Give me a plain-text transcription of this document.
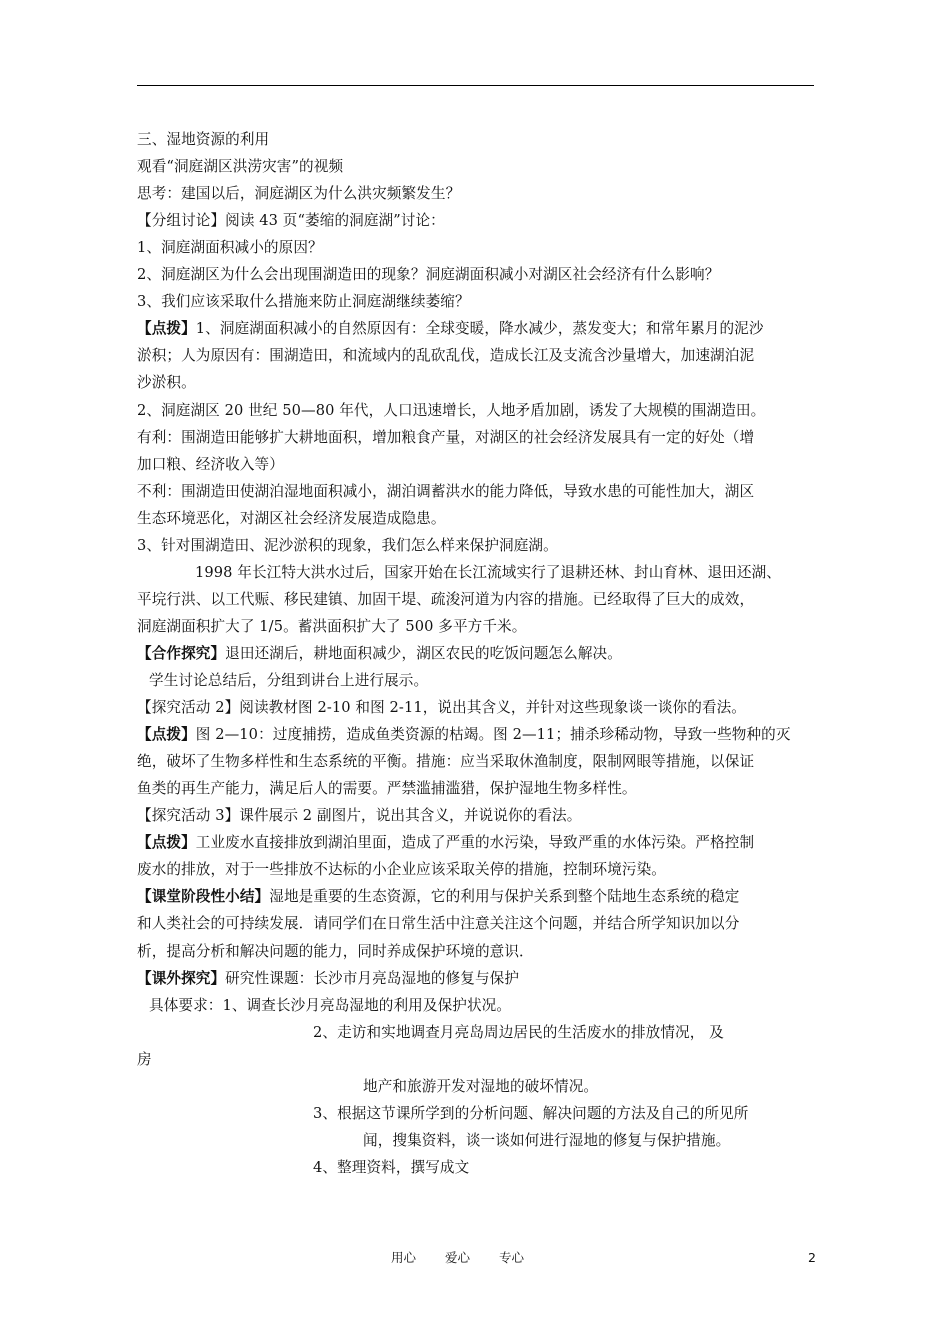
三、湿地资源的利用
观看“洞庭湖区洪涝灾害”的视频
思考：建国以后，洞庭湖区为什么洪灾频繁发生？
【分组讨论】阅读 43 页“萎缩的洞庭湖”讨论：
1、洞庭湖面积减小的原因？
2、洞庭湖区为什么会出现围湖造田的现象？洞庭湖面积减小对湖区社会经济有什么影响？
3、我们应该采取什么措施来防止洞庭湖继续萎缩？
【点拨】1、洞庭湖面积减小的自然原因有：全球变暖，降水减少，蒸发变大；和常年累月的泥沙
淤积；人为原因有：围湖造田，和流域内的乱砍乱伐，造成长江及支流含沙量增大，加速湖泊泥
沙淤积。
2、洞庭湖区 20 世纪 50—80 年代，人口迅速增长，人地矛盾加剧，诱发了大规模的围湖造田。
有利：围湖造田能够扩大耕地面积，增加粮食产量，对湖区的社会经济发展具有一定的好处（增
加口粮、经济收入等）
不利：围湖造田使湖泊湿地面积减小，湖泊调蓄洪水的能力降低，导致水患的可能性加大，湖区
生态环境恶化，对湖区社会经济发展造成隐患。
3、针对围湖造田、泥沙淤积的现象，我们怎么样来保护洞庭湖。
1998 年长江特大洪水过后，国家开始在长江流域实行了退耕还林、封山育林、退田还湖、
平垸行洪、以工代赈、移民建镇、加固干堤、疏浚河道为内容的措施。已经取得了巨大的成效，
洞庭湖面积扩大了 1/5。蓄洪面积扩大了 500 多平方千米。
【合作探究】退田还湖后，耕地面积减少，湖区农民的吃饭问题怎么解决。
学生讨论总结后，分组到讲台上进行展示。
【探究活动 2】阅读教材图 2-10 和图 2-11，说出其含义，并针对这些现象谈一谈你的看法。
【点拨】图 2—10：过度捕捞，造成鱼类资源的枯竭。图 2—11；捕杀珍稀动物，导致一些物种的灭
绝，破坏了生物多样性和生态系统的平衡。措施：应当采取休渔制度，限制网眼等措施，以保证
鱼类的再生产能力，满足后人的需要。严禁滥捕滥猎，保护湿地生物多样性。
【探究活动 3】课件展示 2 副图片，说出其含义，并说说你的看法。
【点拨】工业废水直接排放到湖泊里面，造成了严重的水污染，导致严重的水体污染。严格控制
废水的排放，对于一些排放不达标的小企业应该采取关停的措施，控制环境污染。
【课堂阶段性小结】湿地是重要的生态资源，它的利用与保护关系到整个陆地生态系统的稳定
和人类社会的可持续发展．请同学们在日常生活中注意关注这个问题，并结合所学知识加以分
析，提高分析和解决问题的能力，同时养成保护环境的意识．
【课外探究】研究性课题：长沙市月亮岛湿地的修复与保护
具体要求：1、调查长沙月亮岛湿地的利用及保护状况。
2、走访和实地调查月亮岛周边居民的生活废水的排放情况， 及
房
地产和旅游开发对湿地的破坏情况。
3、根据这节课所学到的分析问题、解决问题的方法及自己的所见所
闻，搜集资料，谈一谈如何进行湿地的修复与保护措施。
4、整理资料，撰写成文
用心 爱心 专心	2
